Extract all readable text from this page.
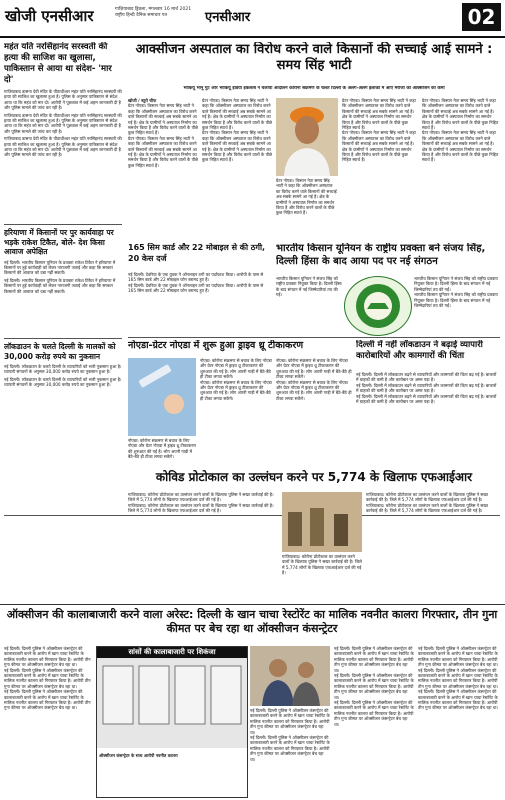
खोजी एनसीआर	गाज़ियाबाद ड्रिवला, मंगलवार 16 मार्च 2021
राष्ट्रीय हिन्दी दैनिक समाचार पत्र	एनसीआर	02
महंत यति नरसिंहानंद सरस्वती की हत्या की साजिश का खुलासा, पाकिस्तान से आया था संदेश- 'मार दो'
गाजियाबाद डासना देवी मंदिर के पीठाधीश्वर महंत यति नरसिंहानंद सरस्वती की हत्या की साजिश का खुलासा हुआ है। पुलिस के अनुसार पाकिस्तान से संदेश आया था कि महंत को मार दो। आरोपी ने पूछताछ में कई अहम जानकारी दी है और पुलिस मामले की जांच कर रही है।
गाजियाबाद डासना देवी मंदिर के पीठाधीश्वर महंत यति नरसिंहानंद सरस्वती की हत्या की साजिश का खुलासा हुआ है। पुलिस के अनुसार पाकिस्तान से संदेश आया था कि महंत को मार दो। आरोपी ने पूछताछ में कई अहम जानकारी दी है और पुलिस मामले की जांच कर रही है।
गाजियाबाद डासना देवी मंदिर के पीठाधीश्वर महंत यति नरसिंहानंद सरस्वती की हत्या की साजिश का खुलासा हुआ है। पुलिस के अनुसार पाकिस्तान से संदेश आया था कि महंत को मार दो। आरोपी ने पूछताछ में कई अहम जानकारी दी है और पुलिस मामले की जांच कर रही है।
हरियाणा में किसानों पर पुर कार्यवाहा पर भड़के राकेश टिकैत, बोले- देश किसा आवाज अपेक्षित
नई दिल्ली। भारतीय किसान यूनियन के प्रवक्ता राकेश टिकैत ने हरियाणा में किसानों पर हुई कार्यवाही को लेकर नाराजगी जताई और कहा कि सरकार किसानों की आवाज को दबा नहीं सकती।
नई दिल्ली। भारतीय किसान यूनियन के प्रवक्ता राकेश टिकैत ने हरियाणा में किसानों पर हुई कार्यवाही को लेकर नाराजगी जताई और कहा कि सरकार किसानों की आवाज को दबा नहीं सकती।
लॉकडाउन के चलते दिल्ली के मालकों को 30,000 करोड़ रुपये का नुकसान
नई दिल्ली। लॉकडाउन के चलते दिल्ली के व्यापारियों को भारी नुकसान हुआ है। व्यापारी संगठनों के अनुसार 30,000 करोड़ रुपये का नुकसान हुआ है।
नई दिल्ली। लॉकडाउन के चलते दिल्ली के व्यापारियों को भारी नुकसान हुआ है। व्यापारी संगठनों के अनुसार 30,000 करोड़ रुपये का नुकसान हुआ है।
आक्सीजन अस्पताल का विरोध करने वाले किसानों की सच्चाई आई सामने : समय सिंह भाटी
भाकियू भानू गुट और भाकियू इंडिया इंकलाब ने चलाया आंदोलन कोरोना संक्रमण के चलते दिल्ली के अलग-अलग इलाकों में आए मरीजों को ऑक्सीजन की कमी
खोजी / ब्यूरो चीफ
ग्रेटर नोएडा। किसान नेता समय सिंह भाटी ने कहा कि ऑक्सीजन अस्पताल का विरोध करने वाले किसानों की सच्चाई अब सबके सामने आ गई है। क्षेत्र के ग्रामीणों ने अस्पताल निर्माण का समर्थन किया है और विरोध करने वालों के पीछे कुछ निहित स्वार्थ हैं।
ग्रेटर नोएडा। किसान नेता समय सिंह भाटी ने कहा कि ऑक्सीजन अस्पताल का विरोध करने वाले किसानों की सच्चाई अब सबके सामने आ गई है। क्षेत्र के ग्रामीणों ने अस्पताल निर्माण का समर्थन किया है और विरोध करने वालों के पीछे कुछ निहित स्वार्थ हैं।
ग्रेटर नोएडा। किसान नेता समय सिंह भाटी ने कहा कि ऑक्सीजन अस्पताल का विरोध करने वाले किसानों की सच्चाई अब सबके सामने आ गई है। क्षेत्र के ग्रामीणों ने अस्पताल निर्माण का समर्थन किया है और विरोध करने वालों के पीछे कुछ निहित स्वार्थ हैं।
ग्रेटर नोएडा। किसान नेता समय सिंह भाटी ने कहा कि ऑक्सीजन अस्पताल का विरोध करने वाले किसानों की सच्चाई अब सबके सामने आ गई है। क्षेत्र के ग्रामीणों ने अस्पताल निर्माण का समर्थन किया है और विरोध करने वालों के पीछे कुछ निहित स्वार्थ हैं।
ग्रेटर नोएडा। किसान नेता समय सिंह भाटी ने कहा कि ऑक्सीजन अस्पताल का विरोध करने वाले किसानों की सच्चाई अब सबके सामने आ गई है। क्षेत्र के ग्रामीणों ने अस्पताल निर्माण का समर्थन किया है और विरोध करने वालों के पीछे कुछ निहित स्वार्थ हैं।
ग्रेटर नोएडा। किसान नेता समय सिंह भाटी ने कहा कि ऑक्सीजन अस्पताल का विरोध करने वाले किसानों की सच्चाई अब सबके सामने आ गई है। क्षेत्र के ग्रामीणों ने अस्पताल निर्माण का समर्थन किया है और विरोध करने वालों के पीछे कुछ निहित स्वार्थ हैं।
ग्रेटर नोएडा। किसान नेता समय सिंह भाटी ने कहा कि ऑक्सीजन अस्पताल का विरोध करने वाले किसानों की सच्चाई अब सबके सामने आ गई है। क्षेत्र के ग्रामीणों ने अस्पताल निर्माण का समर्थन किया है और विरोध करने वालों के पीछे कुछ निहित स्वार्थ हैं।
ग्रेटर नोएडा। किसान नेता समय सिंह भाटी ने कहा कि ऑक्सीजन अस्पताल का विरोध करने वाले किसानों की सच्चाई अब सबके सामने आ गई है। क्षेत्र के ग्रामीणों ने अस्पताल निर्माण का समर्थन किया है और विरोध करने वालों के पीछे कुछ निहित स्वार्थ हैं।
ग्रेटर नोएडा। किसान नेता समय सिंह भाटी ने कहा कि ऑक्सीजन अस्पताल का विरोध करने वाले किसानों की सच्चाई अब सबके सामने आ गई है। क्षेत्र के ग्रामीणों ने अस्पताल निर्माण का समर्थन किया है और विरोध करने वालों के पीछे कुछ निहित स्वार्थ हैं।
165 सिम कार्ड और 22 मोबाइल से की ठगी, 20 केस दर्ज
नई दिल्ली। देवरिया के एक युवक ने ऑनलाइन ठगी का पर्दाफाश किया। आरोपी के पास से 165 सिम कार्ड और 22 मोबाइल फोन बरामद हुए हैं।
नई दिल्ली। देवरिया के एक युवक ने ऑनलाइन ठगी का पर्दाफाश किया। आरोपी के पास से 165 सिम कार्ड और 22 मोबाइल फोन बरामद हुए हैं।
भारतीय किसान यूनियन के राष्ट्रीय प्रवक्ता बने संजय सिंह, दिल्ली हिंसा के बाद आया पद पर नई संगठन
भारतीय किसान यूनियन ने संजय सिंह को राष्ट्रीय प्रवक्ता नियुक्त किया है। दिल्ली हिंसा के बाद संगठन में नई जिम्मेदारियां तय की गईं।
भारतीय किसान यूनियन ने संजय सिंह को राष्ट्रीय प्रवक्ता नियुक्त किया है। दिल्ली हिंसा के बाद संगठन में नई जिम्मेदारियां तय की गईं।
भारतीय किसान यूनियन ने संजय सिंह को राष्ट्रीय प्रवक्ता नियुक्त किया है। दिल्ली हिंसा के बाद संगठन में नई जिम्मेदारियां तय की गईं।
नोएडा-ग्रेटर नोएडा में शुरू हुआ ड्राइव थ्रू टीकाकरण
नोएडा। कोरोना संक्रमण से बचाव के लिए नोएडा और ग्रेटर नोएडा में ड्राइव थ्रू टीकाकरण की शुरुआत की गई है। लोग अपनी गाड़ी में बैठे-बैठे ही टीका लगवा सकेंगे।
नोएडा। कोरोना संक्रमण से बचाव के लिए नोएडा और ग्रेटर नोएडा में ड्राइव थ्रू टीकाकरण की शुरुआत की गई है। लोग अपनी गाड़ी में बैठे-बैठे ही टीका लगवा सकेंगे।
नोएडा। कोरोना संक्रमण से बचाव के लिए नोएडा और ग्रेटर नोएडा में ड्राइव थ्रू टीकाकरण की शुरुआत की गई है। लोग अपनी गाड़ी में बैठे-बैठे ही टीका लगवा सकेंगे।
नोएडा। कोरोना संक्रमण से बचाव के लिए नोएडा और ग्रेटर नोएडा में ड्राइव थ्रू टीकाकरण की शुरुआत की गई है। लोग अपनी गाड़ी में बैठे-बैठे ही टीका लगवा सकेंगे।
नोएडा। कोरोना संक्रमण से बचाव के लिए नोएडा और ग्रेटर नोएडा में ड्राइव थ्रू टीकाकरण की शुरुआत की गई है। लोग अपनी गाड़ी में बैठे-बैठे ही टीका लगवा सकेंगे।
दिल्ली में नहीं लॉकडाउन ने बढ़ाई व्यापारी कारोबारियों और कामगारों की चिंता
नई दिल्ली। दिल्ली में लॉकडाउन बढ़ने से व्यापारियों और कामगारों की चिंता बढ़ गई है। बाजारों में ग्राहकों की कमी है और कारोबार पर असर पड़ा है।
नई दिल्ली। दिल्ली में लॉकडाउन बढ़ने से व्यापारियों और कामगारों की चिंता बढ़ गई है। बाजारों में ग्राहकों की कमी है और कारोबार पर असर पड़ा है।
नई दिल्ली। दिल्ली में लॉकडाउन बढ़ने से व्यापारियों और कामगारों की चिंता बढ़ गई है। बाजारों में ग्राहकों की कमी है और कारोबार पर असर पड़ा है।
कोविड प्रोटोकाल का उल्लंघन करने पर 5,774 के खिलाफ एफआईआर
गाजियाबाद। कोरोना प्रोटोकाल का उल्लंघन करने वालों के खिलाफ पुलिस ने सख्त कार्रवाई की है। जिले में 5,774 लोगों के खिलाफ एफआईआर दर्ज की गई है।
गाजियाबाद। कोरोना प्रोटोकाल का उल्लंघन करने वालों के खिलाफ पुलिस ने सख्त कार्रवाई की है। जिले में 5,774 लोगों के खिलाफ एफआईआर दर्ज की गई है।
गाजियाबाद। कोरोना प्रोटोकाल का उल्लंघन करने वालों के खिलाफ पुलिस ने सख्त कार्रवाई की है। जिले में 5,774 लोगों के खिलाफ एफआईआर दर्ज की गई है।
गाजियाबाद। कोरोना प्रोटोकाल का उल्लंघन करने वालों के खिलाफ पुलिस ने सख्त कार्रवाई की है। जिले में 5,774 लोगों के खिलाफ एफआईआर दर्ज की गई है।
गाजियाबाद। कोरोना प्रोटोकाल का उल्लंघन करने वालों के खिलाफ पुलिस ने सख्त कार्रवाई की है। जिले में 5,774 लोगों के खिलाफ एफआईआर दर्ज की गई है।
ऑक्सीजन की कालाबाजारी करने वाला अरेस्ट: दिल्ली के खान चाचा रेस्टोरेंट का मालिक नवनीत कालरा गिरफ्तार, तीन गुना कीमत पर बेच रहा था ऑक्सीजन कंसन्ट्रेटर
नई दिल्ली। दिल्ली पुलिस ने ऑक्सीजन कंसन्ट्रेटर की कालाबाजारी करने के आरोप में खान चाचा रेस्टोरेंट के मालिक नवनीत कालरा को गिरफ्तार किया है। आरोपी तीन गुना कीमत पर ऑक्सीजन कंसन्ट्रेटर बेच रहा था।
नई दिल्ली। दिल्ली पुलिस ने ऑक्सीजन कंसन्ट्रेटर की कालाबाजारी करने के आरोप में खान चाचा रेस्टोरेंट के मालिक नवनीत कालरा को गिरफ्तार किया है। आरोपी तीन गुना कीमत पर ऑक्सीजन कंसन्ट्रेटर बेच रहा था।
नई दिल्ली। दिल्ली पुलिस ने ऑक्सीजन कंसन्ट्रेटर की कालाबाजारी करने के आरोप में खान चाचा रेस्टोरेंट के मालिक नवनीत कालरा को गिरफ्तार किया है। आरोपी तीन गुना कीमत पर ऑक्सीजन कंसन्ट्रेटर बेच रहा था।
सांसों की कालाबाजारी पर शिकंजा
ऑक्सीजन कंसन्ट्रेटर के साथ आरोपी नवनीत कालरा
नई दिल्ली। दिल्ली पुलिस ने ऑक्सीजन कंसन्ट्रेटर की कालाबाजारी करने के आरोप में खान चाचा रेस्टोरेंट के मालिक नवनीत कालरा को गिरफ्तार किया है। आरोपी तीन गुना कीमत पर ऑक्सीजन कंसन्ट्रेटर बेच रहा था।
नई दिल्ली। दिल्ली पुलिस ने ऑक्सीजन कंसन्ट्रेटर की कालाबाजारी करने के आरोप में खान चाचा रेस्टोरेंट के मालिक नवनीत कालरा को गिरफ्तार किया है। आरोपी तीन गुना कीमत पर ऑक्सीजन कंसन्ट्रेटर बेच रहा था।
नई दिल्ली। दिल्ली पुलिस ने ऑक्सीजन कंसन्ट्रेटर की कालाबाजारी करने के आरोप में खान चाचा रेस्टोरेंट के मालिक नवनीत कालरा को गिरफ्तार किया है। आरोपी तीन गुना कीमत पर ऑक्सीजन कंसन्ट्रेटर बेच रहा था।
नई दिल्ली। दिल्ली पुलिस ने ऑक्सीजन कंसन्ट्रेटर की कालाबाजारी करने के आरोप में खान चाचा रेस्टोरेंट के मालिक नवनीत कालरा को गिरफ्तार किया है। आरोपी तीन गुना कीमत पर ऑक्सीजन कंसन्ट्रेटर बेच रहा था।
नई दिल्ली। दिल्ली पुलिस ने ऑक्सीजन कंसन्ट्रेटर की कालाबाजारी करने के आरोप में खान चाचा रेस्टोरेंट के मालिक नवनीत कालरा को गिरफ्तार किया है। आरोपी तीन गुना कीमत पर ऑक्सीजन कंसन्ट्रेटर बेच रहा था।
नई दिल्ली। दिल्ली पुलिस ने ऑक्सीजन कंसन्ट्रेटर की कालाबाजारी करने के आरोप में खान चाचा रेस्टोरेंट के मालिक नवनीत कालरा को गिरफ्तार किया है। आरोपी तीन गुना कीमत पर ऑक्सीजन कंसन्ट्रेटर बेच रहा था।
नई दिल्ली। दिल्ली पुलिस ने ऑक्सीजन कंसन्ट्रेटर की कालाबाजारी करने के आरोप में खान चाचा रेस्टोरेंट के मालिक नवनीत कालरा को गिरफ्तार किया है। आरोपी तीन गुना कीमत पर ऑक्सीजन कंसन्ट्रेटर बेच रहा था।
नई दिल्ली। दिल्ली पुलिस ने ऑक्सीजन कंसन्ट्रेटर की कालाबाजारी करने के आरोप में खान चाचा रेस्टोरेंट के मालिक नवनीत कालरा को गिरफ्तार किया है। आरोपी तीन गुना कीमत पर ऑक्सीजन कंसन्ट्रेटर बेच रहा था।
